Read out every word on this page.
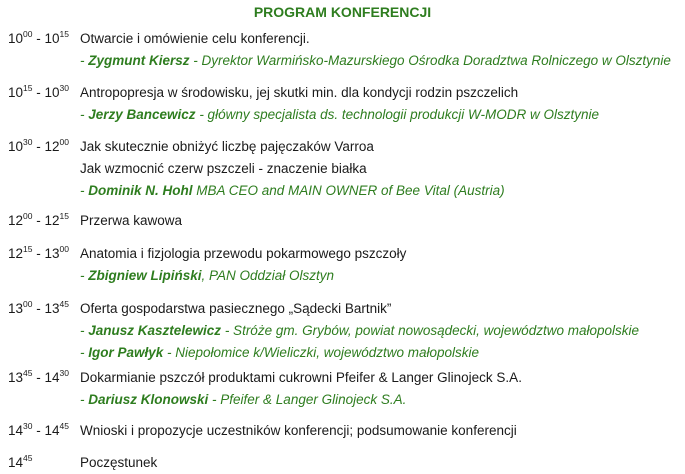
PROGRAM KONFERENCJI
$10^{00} - 10^{15}$ Otwarcie i omówienie celu konferencji.
- Zygmunt Kiersz - Dyrektor Warmińsko-Mazurskiego Ośrodka Doradztwa Rolniczego w Olsztynie
$10^{15} - 10^{30}$ Antropopresja w środowisku, jej skutki min. dla kondycji rodzin pszczelich
- Jerzy Bancewicz - główny specjalista ds. technologii produkcji W-MODR w Olsztynie
$10^{30} - 12^{00}$ Jak skutecznie obniżyć liczbę pajęczaków Varroa
Jak wzmocnić czerw pszczeli - znaczenie białka
- Dominik N. Hohl MBA CEO and MAIN OWNER of Bee Vital (Austria)
$12^{00} - 12^{15}$ Przerwa kawowa
$12^{15} - 13^{00}$ Anatomia i fizjologia przewodu pokarmowego pszczoły
- Zbigniew Lipiński, PAN Oddział Olsztyn
$13^{00} - 13^{45}$ Oferta gospodarstwa pasiecznego „Sądecki Bartnik”
- Janusz Kasztelewicz - Stróże gm. Grybów, powiat nowosądecki, województwo małopolskie
- Igor Pawłyk - Niepołomice k/Wieliczki, województwo małopolskie
$13^{45} - 14^{30}$ Dokarmianie pszczół produktami cukrowni Pfeifer & Langer Glinojeck S.A.
- Dariusz Klonowski - Pfeifer & Langer Glinojeck S.A.
$14^{30} - 14^{45}$ Wnioski i propozycje uczestników konferencji; podsumowanie konferencji
$14^{45}$	Poczęstunek
